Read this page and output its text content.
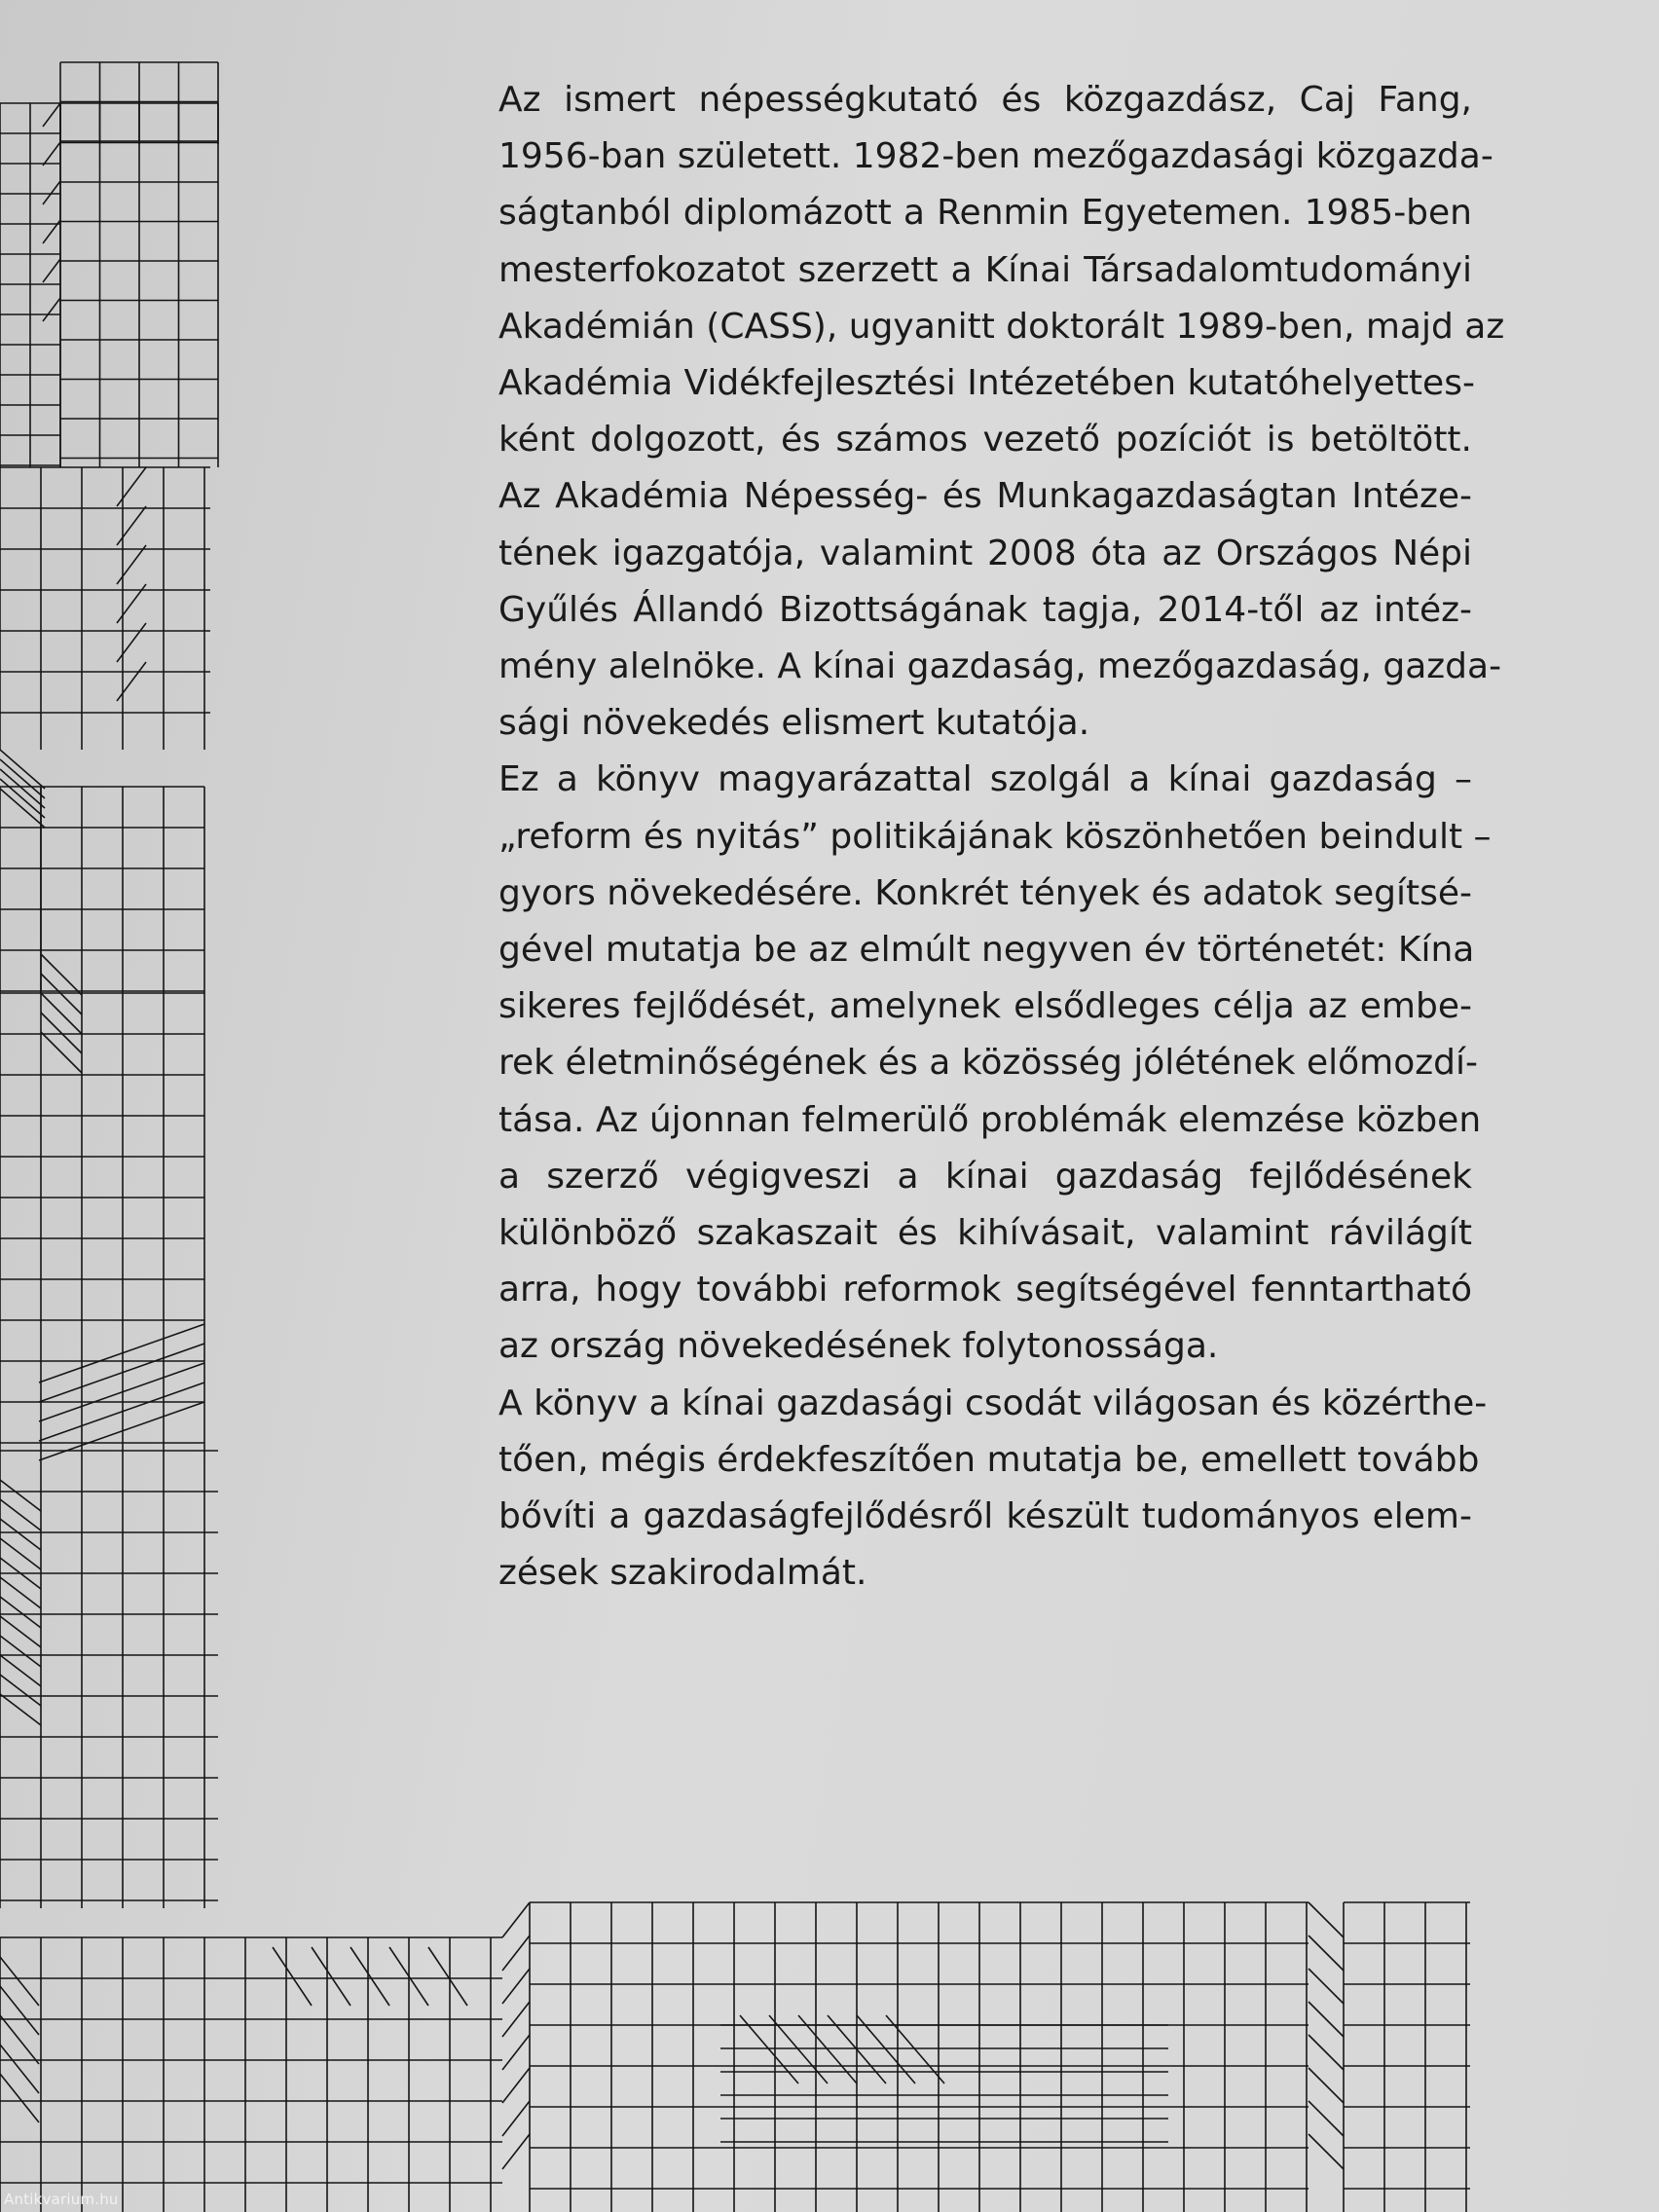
Az ismert népességkutató és közgazdász, Caj Fang,
1956-ban született. 1982-ben mezőgazdasági közgazda-
ságtanból diplomázott a Renmin Egyetemen. 1985-ben
mesterfokozatot szerzett a Kínai Társadalomtudományi
Akadémián (CASS), ugyanitt doktorált 1989-ben, majd az
Akadémia Vidékfejlesztési Intézetében kutatóhelyettes-
ként dolgozott, és számos vezető pozíciót is betöltött.
Az Akadémia Népesség- és Munkagazdaságtan Intéze-
tének igazgatója, valamint 2008 óta az Országos Népi
Gyűlés Állandó Bizottságának tagja, 2014-től az intéz-
mény alelnöke. A kínai gazdaság, mezőgazdaság, gazda-
sági növekedés elismert kutatója.

Ez a könyv magyarázattal szolgál a kínai gazdaság –
„reform és nyitás” politikájának köszönhetően beindult –
gyors növekedésére. Konkrét tények és adatok segítsé-
gével mutatja be az elmúlt negyven év történetét: Kína
sikeres fejlődését, amelynek elsődleges célja az embe-
rek életminőségének és a közösség jólétének előmozdí-
tása. Az újonnan felmerülő problémák elemzése közben
a szerző végigveszi a kínai gazdaság fejlődésének
különböző szakaszait és kihívásait, valamint rávilágít
arra, hogy további reformok segítségével fenntartható
az ország növekedésének folytonossága.

A könyv a kínai gazdasági csodát világosan és közérthe-
tően, mégis érdekfeszítően mutatja be, emellett tovább
bővíti a gazdaságfejlődésről készült tudományos elem-
zések szakirodalmát.

Antikvarium.hu
